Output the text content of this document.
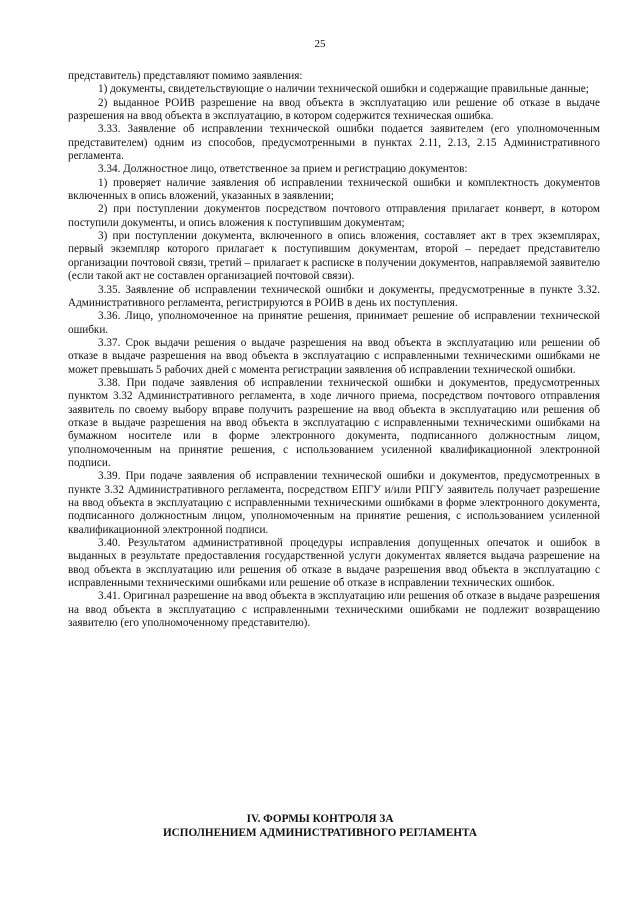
25

представитель) представляют помимо заявления:

1) документы, свидетельствующие о наличии технической ошибки и содержащие правильные данные;

2) выданное РОИВ разрешение на ввод объекта в эксплуатацию или решение об отказе в выдаче разрешения на ввод объекта в эксплуатацию, в котором содержится техническая ошибка.

3.33. Заявление об исправлении технической ошибки подается заявителем (его уполномоченным представителем) одним из способов, предусмотренными в пунктах 2.11, 2.13, 2.15 Административного регламента.

3.34. Должностное лицо, ответственное за прием и регистрацию документов:

1) проверяет наличие заявления об исправлении технической ошибки и комплектность документов включенных в опись вложений, указанных в заявлении;

2) при поступлении документов посредством почтового отправления прилагает конверт, в котором поступили документы, и опись вложения к поступившим документам;

3) при поступлении документа, включенного в опись вложения, составляет акт в трех экземплярах, первый экземпляр которого прилагает к поступившим документам, второй – передает представителю организации почтовой связи, третий – прилагает к расписке в получении документов, направляемой заявителю (если такой акт не составлен организацией почтовой связи).

3.35. Заявление об исправлении технической ошибки и документы, предусмотренные в пункте 3.32. Административного регламента, регистрируются в РОИВ в день их поступления.

3.36. Лицо, уполномоченное на принятие решения, принимает решение об исправлении технической ошибки.

3.37. Срок выдачи решения о выдаче разрешения на ввод объекта в эксплуатацию или решении об отказе в выдаче разрешения на ввод объекта в эксплуатацию с исправленными техническими ошибками не может превышать 5 рабочих дней с момента регистрации заявления об исправлении технической ошибки.

3.38. При подаче заявления об исправлении технической ошибки и документов, предусмотренных пунктом 3.32 Административного регламента, в ходе личного приема, посредством почтового отправления заявитель по своему выбору вправе получить разрешение на ввод объекта в эксплуатацию или решения об отказе в выдаче разрешения на ввод объекта в эксплуатацию с исправленными техническими ошибками на бумажном носителе или в форме электронного документа, подписанного должностным лицом, уполномоченным на принятие решения, с использованием усиленной квалификационной электронной подписи.

3.39. При подаче заявления об исправлении технической ошибки и документов, предусмотренных в пункте 3.32 Административного регламента, посредством ЕПГУ и/или РПГУ заявитель получает разрешение на ввод объекта в эксплуатацию с исправленными техническими ошибками в форме электронного документа, подписанного должностным лицом, уполномоченным на принятие решения, с использованием усиленной квалификационной электронной подписи.

3.40. Результатом административной процедуры исправления допущенных опечаток и ошибок в выданных в результате предоставления государственной услуги документах является выдача разрешение на ввод объекта в эксплуатацию или решения об отказе в выдаче разрешения ввод объекта в эксплуатацию с исправленными техническими ошибками или решение об отказе в исправлении технических ошибок.

3.41. Оригинал разрешение на ввод объекта в эксплуатацию или решения об отказе в выдаче разрешения на ввод объекта в эксплуатацию с исправленными техническими ошибками не подлежит возвращению заявителю (его уполномоченному представителю).

IV. ФОРМЫ КОНТРОЛЯ ЗА
ИСПОЛНЕНИЕМ АДМИНИСТРАТИВНОГО РЕГЛАМЕНТА
